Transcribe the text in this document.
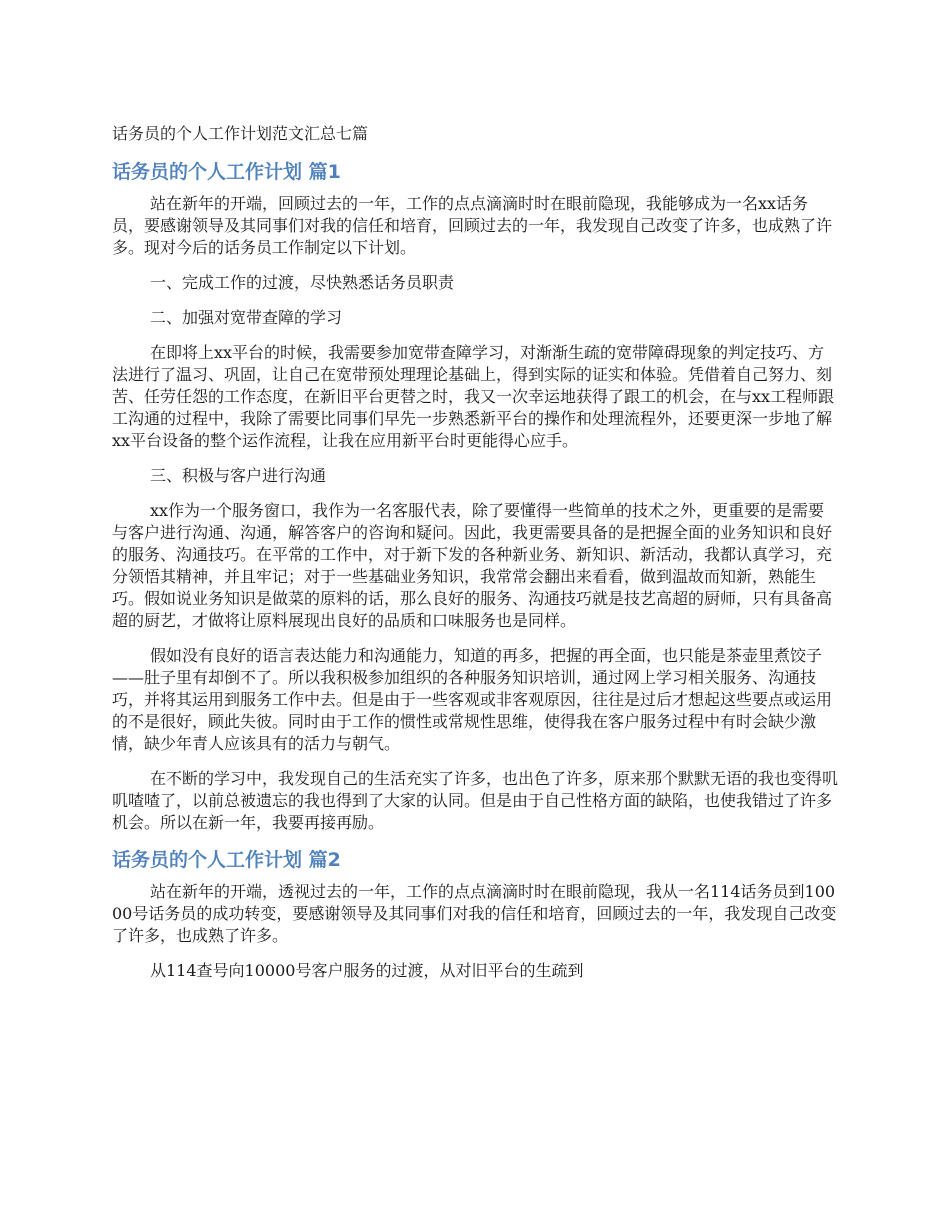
话务员的个人工作计划范文汇总七篇
话务员的个人工作计划 篇1

站在新年的开端，回顾过去的一年，工作的点点滴滴时时在眼前隐现，我能够成为一名xx话务员，要感谢领导及其同事们对我的信任和培育，回顾过去的一年，我发现自己改变了许多，也成熟了许多。现对今后的话务员工作制定以下计划。

一、完成工作的过渡，尽快熟悉话务员职责

二、加强对宽带查障的学习

在即将上xx平台的时候，我需要参加宽带查障学习，对渐渐生疏的宽带障碍现象的判定技巧、方法进行了温习、巩固，让自己在宽带预处理理论基础上，得到实际的证实和体验。凭借着自己努力、刻苦、任劳任怨的工作态度，在新旧平台更替之时，我又一次幸运地获得了跟工的机会，在与xx工程师跟工沟通的过程中，我除了需要比同事们早先一步熟悉新平台的操作和处理流程外，还要更深一步地了解xx平台设备的整个运作流程，让我在应用新平台时更能得心应手。

三、积极与客户进行沟通

xx作为一个服务窗口，我作为一名客服代表，除了要懂得一些简单的技术之外，更重要的是需要与客户进行沟通、沟通，解答客户的咨询和疑问。因此，我更需要具备的是把握全面的业务知识和良好的服务、沟通技巧。在平常的工作中，对于新下发的各种新业务、新知识、新活动，我都认真学习，充分领悟其精神，并且牢记；对于一些基础业务知识，我常常会翻出来看看，做到温故而知新，熟能生巧。假如说业务知识是做菜的原料的话，那么良好的服务、沟通技巧就是技艺高超的厨师，只有具备高超的厨艺，才做将让原料展现出良好的品质和口味服务也是同样。

假如没有良好的语言表达能力和沟通能力，知道的再多，把握的再全面，也只能是茶壶里煮饺子——肚子里有却倒不了。所以我积极参加组织的各种服务知识培训，通过网上学习相关服务、沟通技巧，并将其运用到服务工作中去。但是由于一些客观或非客观原因，往往是过后才想起这些要点或运用的不是很好，顾此失彼。同时由于工作的惯性或常规性思维，使得我在客户服务过程中有时会缺少激情，缺少年青人应该具有的活力与朝气。

在不断的学习中，我发现自己的生活充实了许多，也出色了许多，原来那个默默无语的我也变得叽叽喳喳了，以前总被遗忘的我也得到了大家的认同。但是由于自己性格方面的缺陷，也使我错过了许多机会。所以在新一年，我要再接再励。

话务员的个人工作计划 篇2

站在新年的开端，透视过去的一年，工作的点点滴滴时时在眼前隐现，我从一名114话务员到10000号话务员的成功转变，要感谢领导及其同事们对我的信任和培育，回顾过去的一年，我发现自己改变了许多，也成熟了许多。

从114查号向10000号客户服务的过渡，从对旧平台的生疏到
